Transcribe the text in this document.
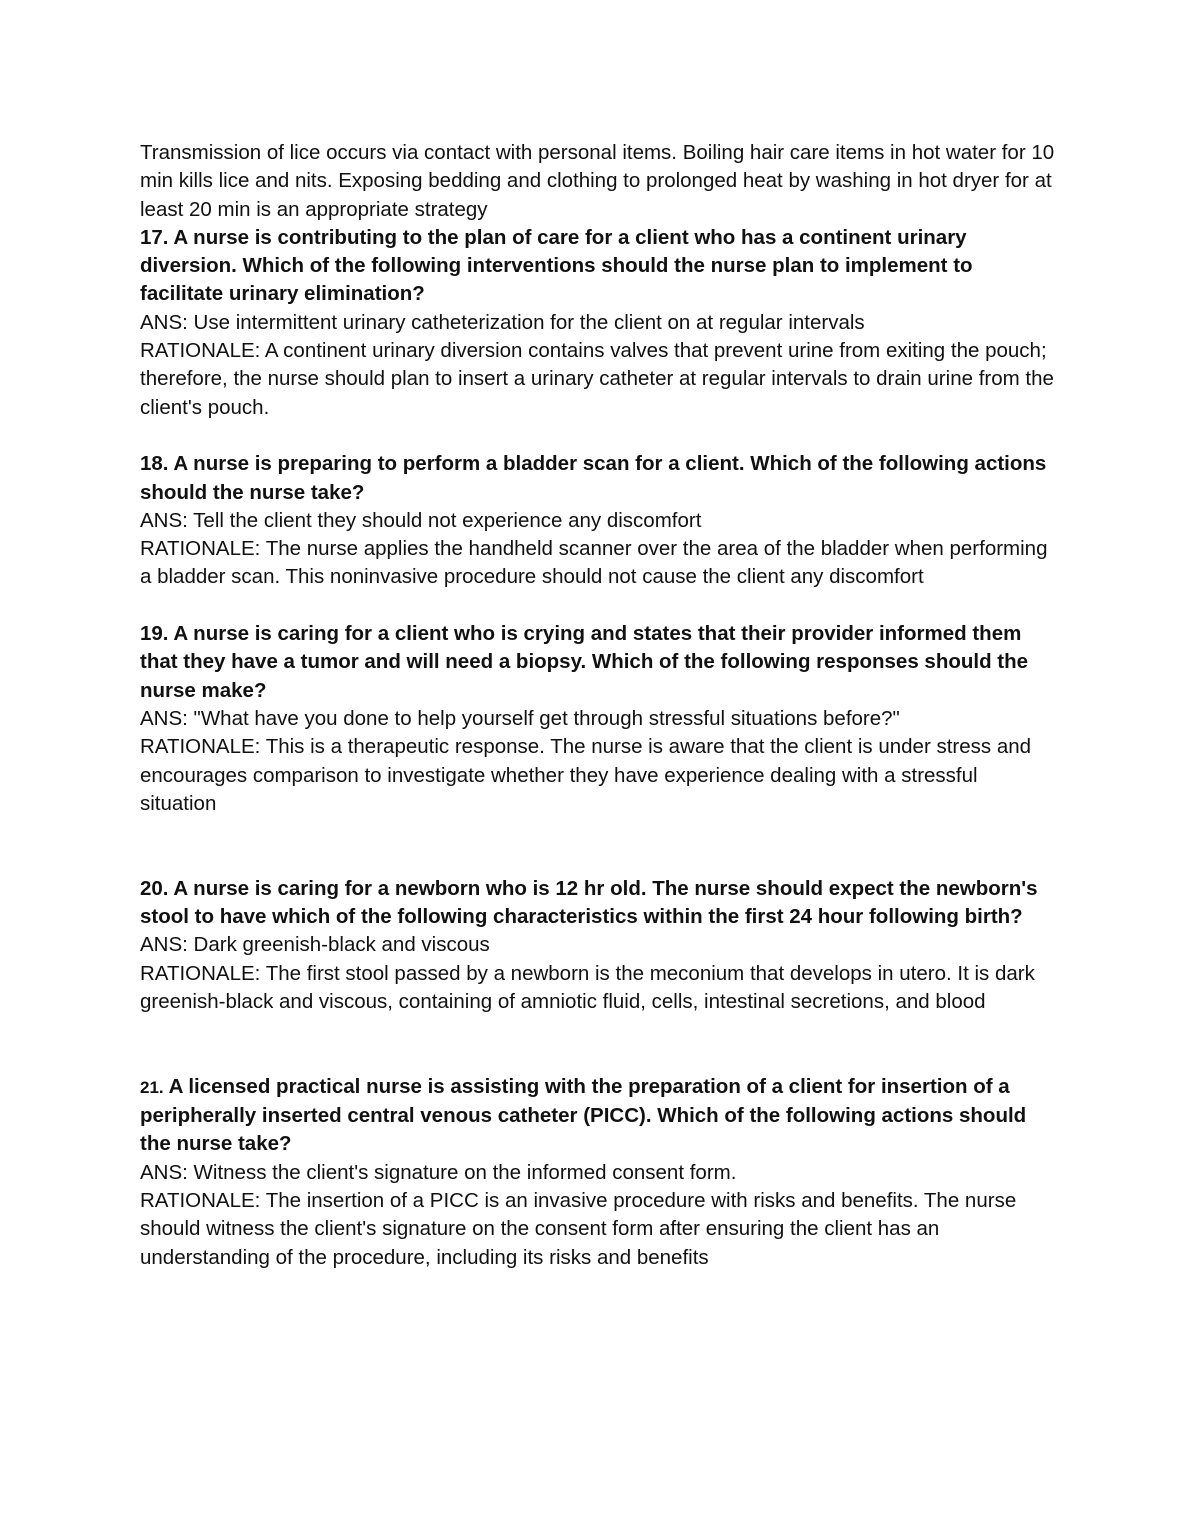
Transmission of lice occurs via contact with personal items. Boiling hair care items in hot water for 10 min kills lice and nits. Exposing bedding and clothing to prolonged heat by washing in hot dryer for at least 20 min is an appropriate strategy

17. A nurse is contributing to the plan of care for a client who has a continent urinary diversion. Which of the following interventions should the nurse plan to implement to facilitate urinary elimination?

ANS: Use intermittent urinary catheterization for the client on at regular intervals

RATIONALE: A continent urinary diversion contains valves that prevent urine from exiting the pouch; therefore, the nurse should plan to insert a urinary catheter at regular intervals to drain urine from the client's pouch.

18. A nurse is preparing to perform a bladder scan for a client. Which of the following actions should the nurse take?

ANS: Tell the client they should not experience any discomfort

RATIONALE: The nurse applies the handheld scanner over the area of the bladder when performing a bladder scan. This noninvasive procedure should not cause the client any discomfort

19. A nurse is caring for a client who is crying and states that their provider informed them that they have a tumor and will need a biopsy. Which of the following responses should the nurse make?

ANS: "What have you done to help yourself get through stressful situations before?"

RATIONALE: This is a therapeutic response. The nurse is aware that the client is under stress and encourages comparison to investigate whether they have experience dealing with a stressful situation

20. A nurse is caring for a newborn who is 12 hr old. The nurse should expect the newborn's stool to have which of the following characteristics within the first 24 hour following birth?

ANS: Dark greenish-black and viscous

RATIONALE: The first stool passed by a newborn is the meconium that develops in utero. It is dark greenish-black and viscous, containing of amniotic fluid, cells, intestinal secretions, and blood

21. A licensed practical nurse is assisting with the preparation of a client for insertion of a peripherally inserted central venous catheter (PICC). Which of the following actions should the nurse take?

ANS: Witness the client's signature on the informed consent form.

RATIONALE: The insertion of a PICC is an invasive procedure with risks and benefits. The nurse should witness the client's signature on the consent form after ensuring the client has an understanding of the procedure, including its risks and benefits
